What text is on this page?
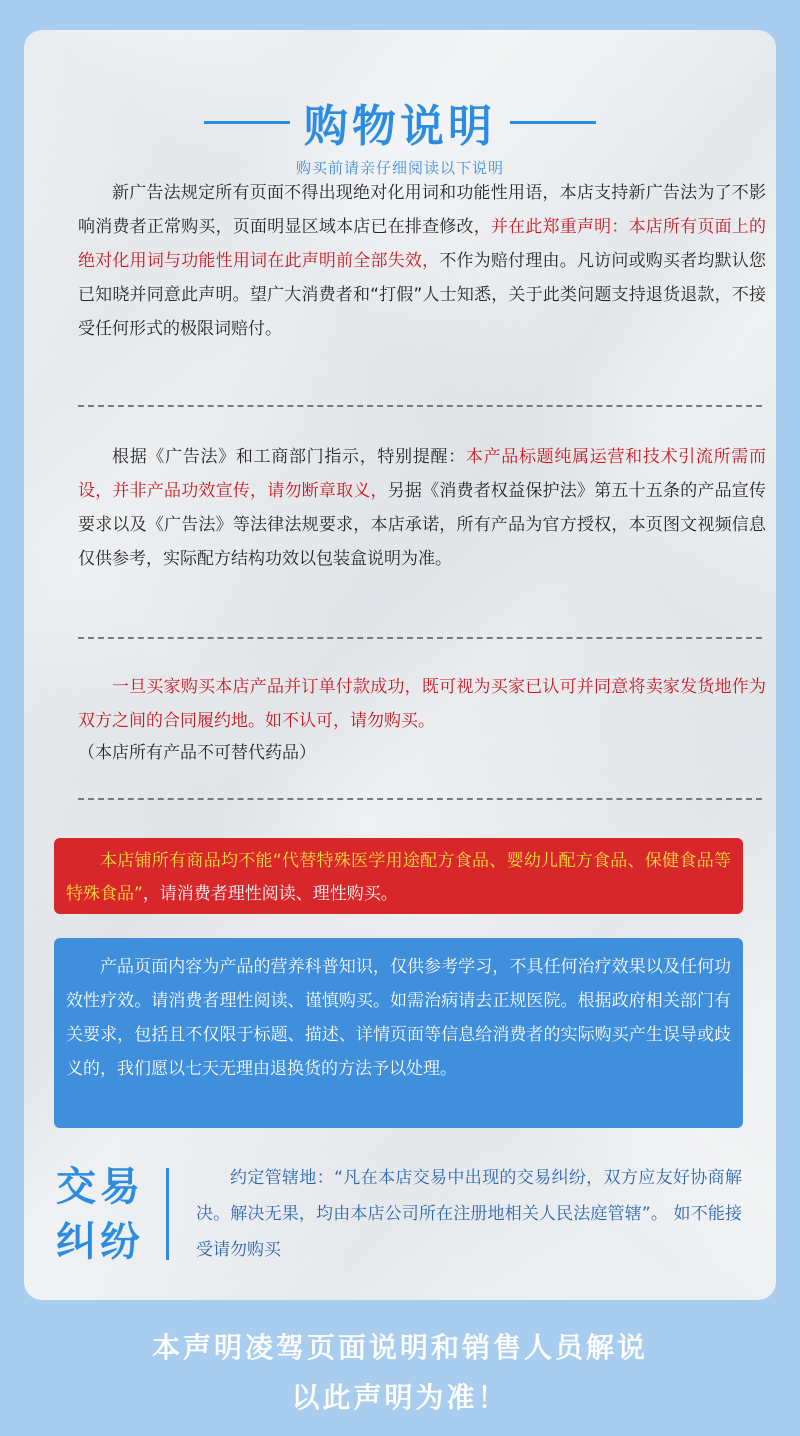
购物说明
购买前请亲仔细阅读以下说明

新广告法规定所有页面不得出现绝对化用词和功能性用语，本店支持新广告法为了不影响消费者正常购买，页面明显区域本店已在排查修改，并在此郑重声明：本店所有页面上的绝对化用词与功能性用词在此声明前全部失效，不作为赔付理由。凡访问或购买者均默认您已知晓并同意此声明。望广大消费者和“打假”人士知悉，关于此类问题支持退货退款，不接受任何形式的极限词赔付。

根据《广告法》和工商部门指示，特别提醒：本产品标题纯属运营和技术引流所需而设，并非产品功效宣传，请勿断章取义，另据《消费者权益保护法》第五十五条的产品宣传要求以及《广告法》等法律法规要求，本店承诺，所有产品为官方授权，本页图文视频信息仅供参考，实际配方结构功效以包装盒说明为准。

一旦买家购买本店产品并订单付款成功，既可视为买家已认可并同意将卖家发货地作为双方之间的合同履约地。如不认可，请勿购买。

（本店所有产品不可替代药品）

本店铺所有商品均不能“代替特殊医学用途配方食品、婴幼儿配方食品、保健食品等特殊食品”，请消费者理性阅读、理性购买。
产品页面内容为产品的营养科普知识，仅供参考学习，不具任何治疗效果以及任何功效性疗效。请消费者理性阅读、谨慎购买。如需治病请去正规医院。根据政府相关部门有关要求，包括且不仅限于标题、描述、详情页面等信息给消费者的实际购买产生误导或歧义的，我们愿以七天无理由退换货的方法予以处理。
交易
纠纷

约定管辖地：“凡在本店交易中出现的交易纠纷，双方应友好协商解决。解决无果，均由本店公司所在注册地相关人民法庭管辖”。 如不能接受请勿购买

本声明凌驾页面说明和销售人员解说
以此声明为准！
